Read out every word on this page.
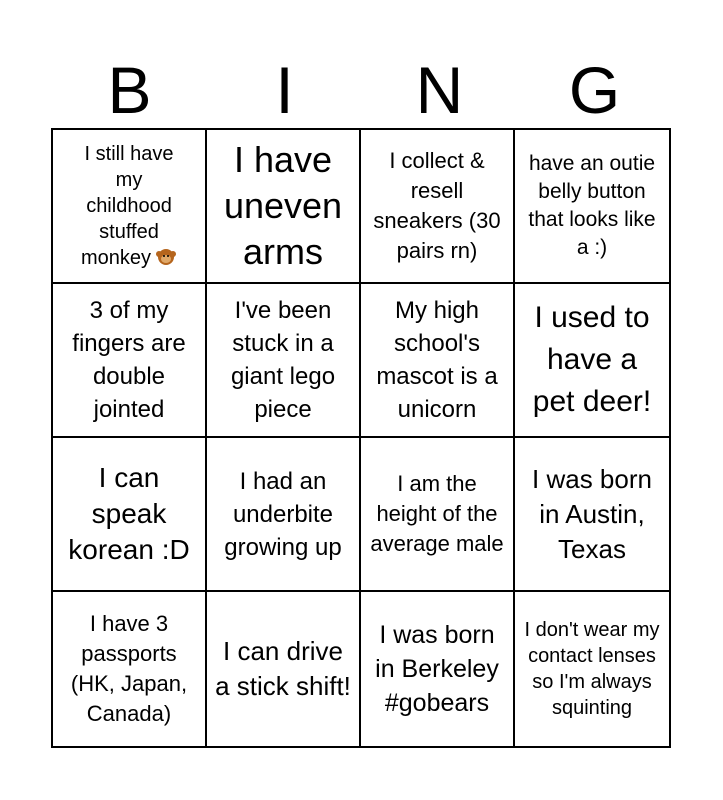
B	I	N	G
I still have my childhood stuffed monkey
I have uneven arms
I collect & resell sneakers (30 pairs rn)
have an outie belly button that looks like a :)
3 of my fingers are double jointed
I've been stuck in a giant lego piece
My high school's mascot is a unicorn
I used to have a pet deer!
I can speak korean :D
I had an underbite growing up
I am the height of the average male
I was born in Austin, Texas
I have 3 passports (HK, Japan, Canada)
I can drive a stick shift!
I was born in Berkeley #gobears
I don't wear my contact lenses so I'm always squinting
